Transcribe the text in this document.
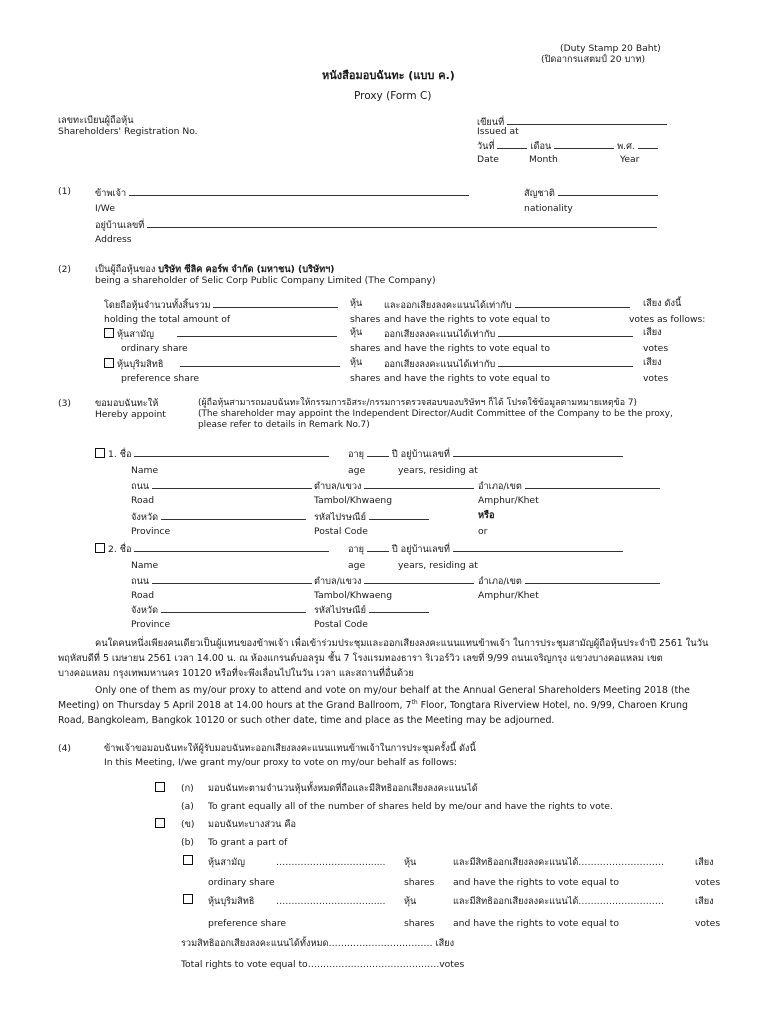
(Duty Stamp 20 Baht)
(ปิดอากรแสตมป์ 20 บาท)
หนังสือมอบฉันทะ (แบบ ค.)
Proxy (Form C)
เลขทะเบียนผู้ถือหุ้น
Shareholders' Registration No.
เขียนที่
Issued at
วันที่	เดือน	พ.ศ.
Date	Month	Year
(1)	ข้าพเจ้า	สัญชาติ
I/We	nationality
อยู่บ้านเลขที่
Address
(2)	เป็นผู้ถือหุ้นของ บริษัท ซีลิค คอร์พ จำกัด (มหาชน) (บริษัทฯ)
being a shareholder of Selic Corp Public Company Limited (The Company)
โดยถือหุ้นจำนวนทั้งสิ้นรวม	หุ้น และออกเสียงลงคะแนนได้เท่ากับ	เสียง ดังนี้
holding the total amount of	shares and have the rights to vote equal to	votes as follows:
หุ้นสามัญ	หุ้น ออกเสียงลงคะแนนได้เท่ากับ	เสียง
ordinary share	shares and have the rights to vote equal to	votes
หุ้นบุริมสิทธิ	หุ้น ออกเสียงลงคะแนนได้เท่ากับ	เสียง
preference share	shares and have the rights to vote equal to	votes
(3)	ขอมอบฉันทะให้
Hereby appoint
(ผู้ถือหุ้นสามารถมอบฉันทะให้กรรมการอิสระ/กรรมการตรวจสอบของบริษัทฯ ก็ได้ โปรดใช้ข้อมูลตามหมายเหตุข้อ 7)
(The shareholder may appoint the Independent Director/Audit Committee of the Company to be the proxy,
please refer to details in Remark No.7)
1. ชื่อ	อายุ	ปี อยู่บ้านเลขที่
Name	age	years, residing at
ถนน	ตำบล/แขวง	อำเภอ/เขต
Road	Tambol/Khwaeng	Amphur/Khet
จังหวัด	รหัสไปรษณีย์	หรือ
Province	Postal Code	or
2. ชื่อ	อายุ	ปี อยู่บ้านเลขที่
Name	age	years, residing at
ถนน	ตำบล/แขวง	อำเภอ/เขต
Road	Tambol/Khwaeng	Amphur/Khet
จังหวัด	รหัสไปรษณีย์
Province	Postal Code
คนใดคนหนึ่งเพียงคนเดียวเป็นผู้แทนของข้าพเจ้า เพื่อเข้าร่วมประชุมและออกเสียงลงคะแนนแทนข้าพเจ้า ในการประชุมสามัญผู้ถือหุ้นประจำปี 2561 ในวันพฤหัสบดีที่ 5 เมษายน 2561 เวลา 14.00 น. ณ ห้องแกรนด์บอลรูม ชั้น 7 โรงแรมทองธารา ริเวอร์วิว เลขที่ 9/99 ถนนเจริญกรุง แขวงบางคอแหลม เขตบางคอแหลม กรุงเทพมหานคร 10120 หรือที่จะพึงเลื่อนไปในวัน เวลา และสถานที่อื่นด้วย
Only one of them as my/our proxy to attend and vote on my/our behalf at the Annual General Shareholders Meeting 2018 (the Meeting) on Thursday 5 April 2018 at 14.00 hours at the Grand Ballroom, 7th Floor, Tongtara Riverview Hotel, no. 9/99, Charoen Krung Road, Bangkoleam, Bangkok 10120 or such other date, time and place as the Meeting may be adjourned.
(4)	ข้าพเจ้าขอมอบฉันทะให้ผู้รับมอบฉันทะออกเสียงลงคะแนนแทนข้าพเจ้าในการประชุมครั้งนี้ ดังนี้
In this Meeting, I/we grant my/our proxy to vote on my/our behalf as follows:
(ก) มอบฉันทะตามจำนวนหุ้นทั้งหมดที่ถือและมีสิทธิออกเสียงลงคะแนนได้
(a) To grant equally all of the number of shares held by me/our and have the rights to vote.
(ข) มอบฉันทะบางส่วน คือ
(b) To grant a part of
หุ้นสามัญ	…………………………...... หุ้น	และมีสิทธิออกเสียงลงคะแนนได้……………………….	เสียง
ordinary share	shares and have the rights to vote equal to	votes
หุ้นบุริมสิทธิ …………………………...... หุ้น	และมีสิทธิออกเสียงลงคะแนนได้……………………….	เสียง
preference share	shares and have the rights to vote equal to	votes
รวมสิทธิออกเสียงลงคะแนนได้ทั้งหมด……………………………. เสียง
Total rights to vote equal to…………………………………….votes
